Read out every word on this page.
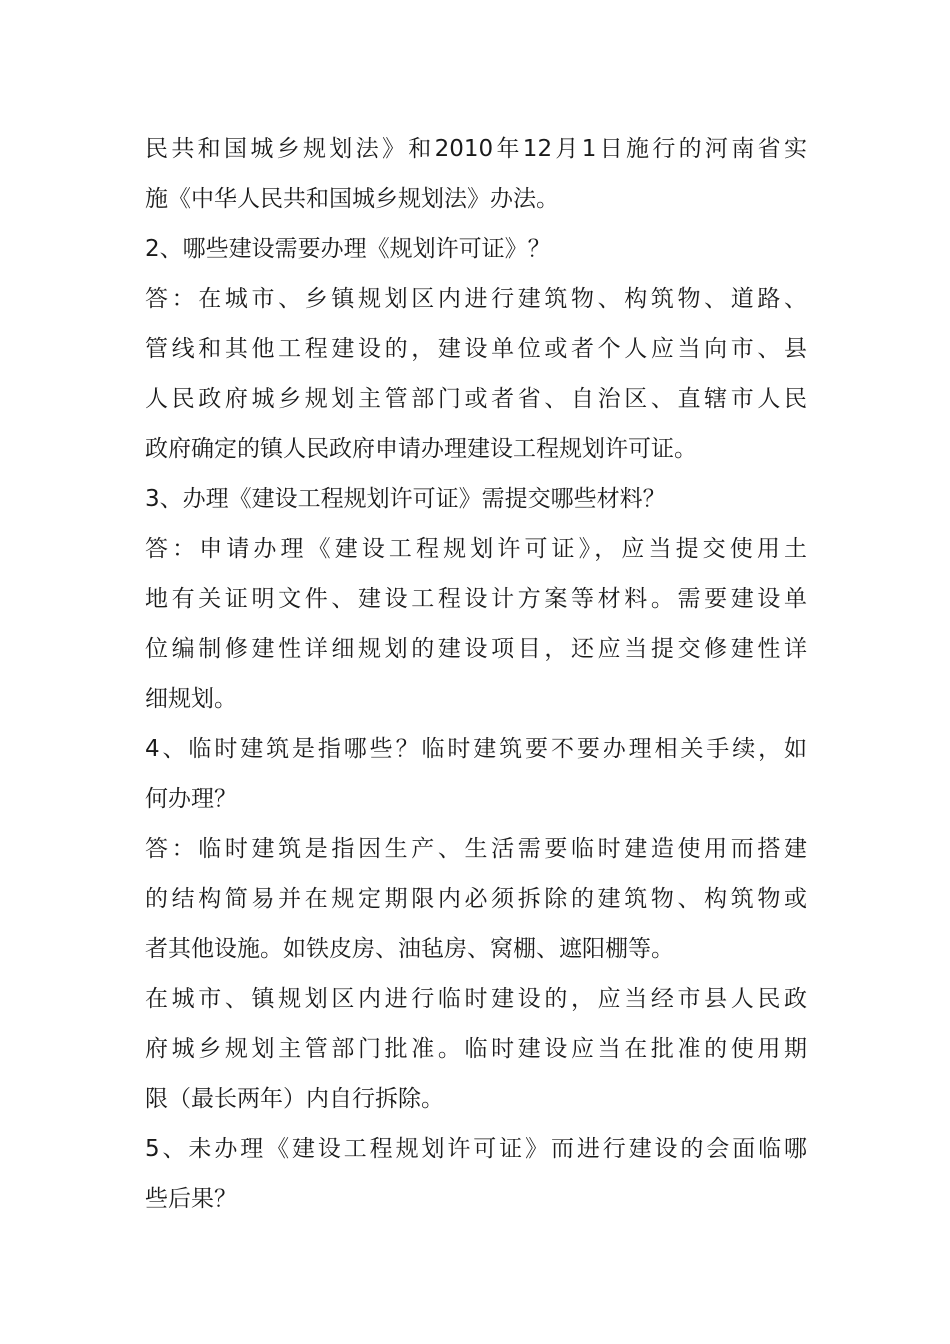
民共和国城乡规划法》和2010年12月1日施行的河南省实
施《中华人民共和国城乡规划法》办法。
2、哪些建设需要办理《规划许可证》？
答：在城市、乡镇规划区内进行建筑物、构筑物、道路、
管线和其他工程建设的，建设单位或者个人应当向市、县
人民政府城乡规划主管部门或者省、自治区、直辖市人民
政府确定的镇人民政府申请办理建设工程规划许可证。
3、办理《建设工程规划许可证》需提交哪些材料？
答：申请办理《建设工程规划许可证》，应当提交使用土
地有关证明文件、建设工程设计方案等材料。需要建设单
位编制修建性详细规划的建设项目，还应当提交修建性详
细规划。
4、临时建筑是指哪些？临时建筑要不要办理相关手续，如
何办理？
答：临时建筑是指因生产、生活需要临时建造使用而搭建
的结构简易并在规定期限内必须拆除的建筑物、构筑物或
者其他设施。如铁皮房、油毡房、窝棚、遮阳棚等。
在城市、镇规划区内进行临时建设的，应当经市县人民政
府城乡规划主管部门批准。临时建设应当在批准的使用期
限（最长两年）内自行拆除。
5、未办理《建设工程规划许可证》而进行建设的会面临哪
些后果？
